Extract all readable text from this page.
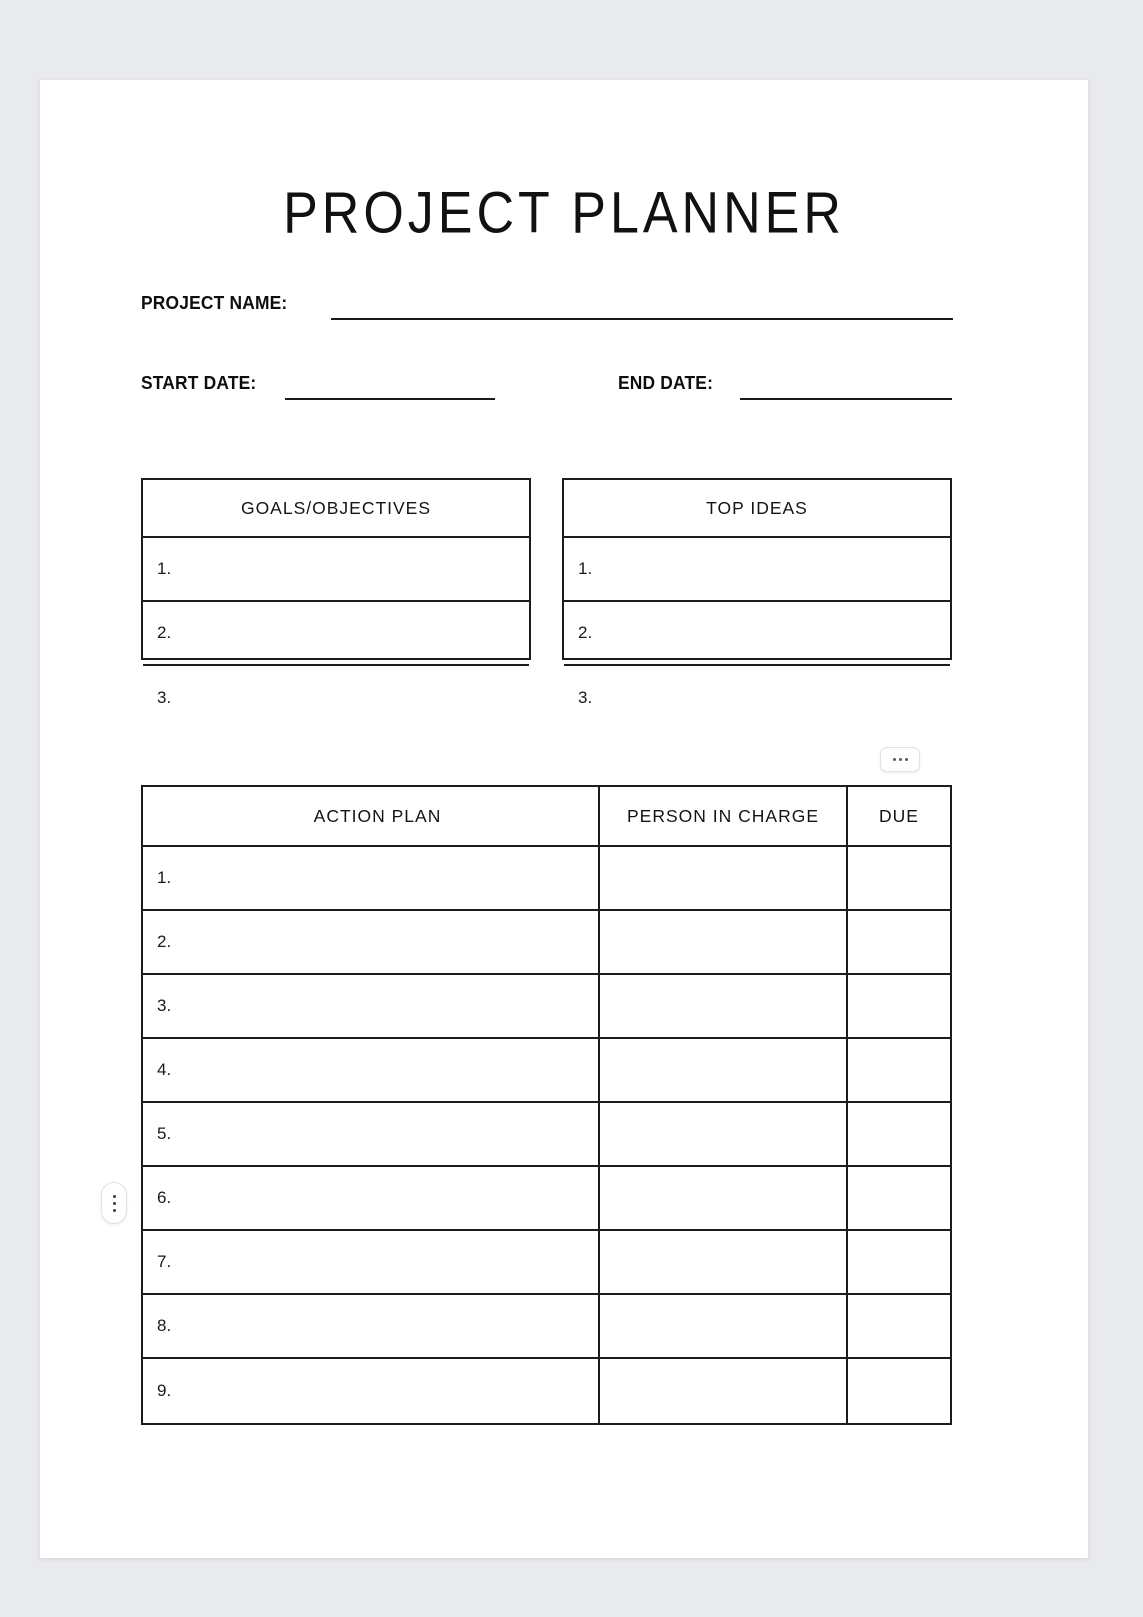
PROJECT PLANNER
PROJECT NAME:
START DATE:	END DATE:
GOALS/OBJECTIVES
1.
2.
3.
TOP IDEAS
1.
2.
3.
ACTION PLAN	PERSON IN CHARGE	DUE
1.
2.
3.
4.
5.
6.
7.
8.
9.
